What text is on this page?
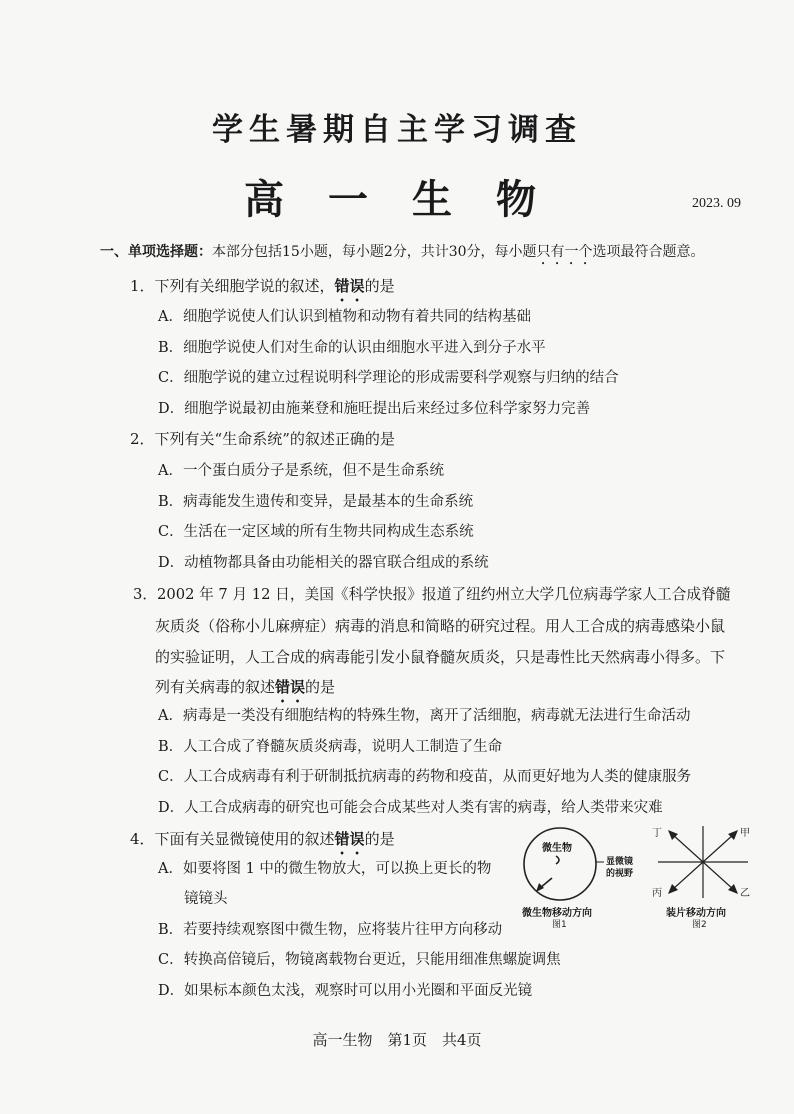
学生暑期自主学习调查
高一生物	2023. 09
一、单项选择题：本部分包括15小题，每小题2分，共计30分，每小题只有一个选项最符合题意。
1．下列有关细胞学说的叙述，错误的是
A．细胞学说使人们认识到植物和动物有着共同的结构基础
B．细胞学说使人们对生命的认识由细胞水平进入到分子水平
C．细胞学说的建立过程说明科学理论的形成需要科学观察与归纳的结合
D．细胞学说最初由施莱登和施旺提出后来经过多位科学家努力完善
2．下列有关“生命系统”的叙述正确的是
A．一个蛋白质分子是系统，但不是生命系统
B．病毒能发生遗传和变异，是最基本的生命系统
C．生活在一定区域的所有生物共同构成生态系统
D．动植物都具备由功能相关的器官联合组成的系统
3．2002 年 7 月 12 日，美国《科学快报》报道了纽约州立大学几位病毒学家人工合成脊髓
灰质炎（俗称小儿麻痹症）病毒的消息和简略的研究过程。用人工合成的病毒感染小鼠
的实验证明，人工合成的病毒能引发小鼠脊髓灰质炎，只是毒性比天然病毒小得多。下
列有关病毒的叙述错误的是
A．病毒是一类没有细胞结构的特殊生物，离开了活细胞，病毒就无法进行生命活动
B．人工合成了脊髓灰质炎病毒，说明人工制造了生命
C．人工合成病毒有利于研制抵抗病毒的药物和疫苗，从而更好地为人类的健康服务
D．人工合成病毒的研究也可能会合成某些对人类有害的病毒，给人类带来灾难
4．下面有关显微镜使用的叙述错误的是
A．如要将图 1 中的微生物放大，可以换上更长的物
镜镜头
B．若要持续观察图中微生物，应将装片往甲方向移动
C．转换高倍镜后，物镜离载物台更近，只能用细准焦螺旋调焦
D．如果标本颜色太浅，观察时可以用小光圈和平面反光镜
微生物
显微镜
的视野
微生物移动方向
图1
丁	甲
丙	乙
装片移动方向
图2
高一生物　第1页　共4页
